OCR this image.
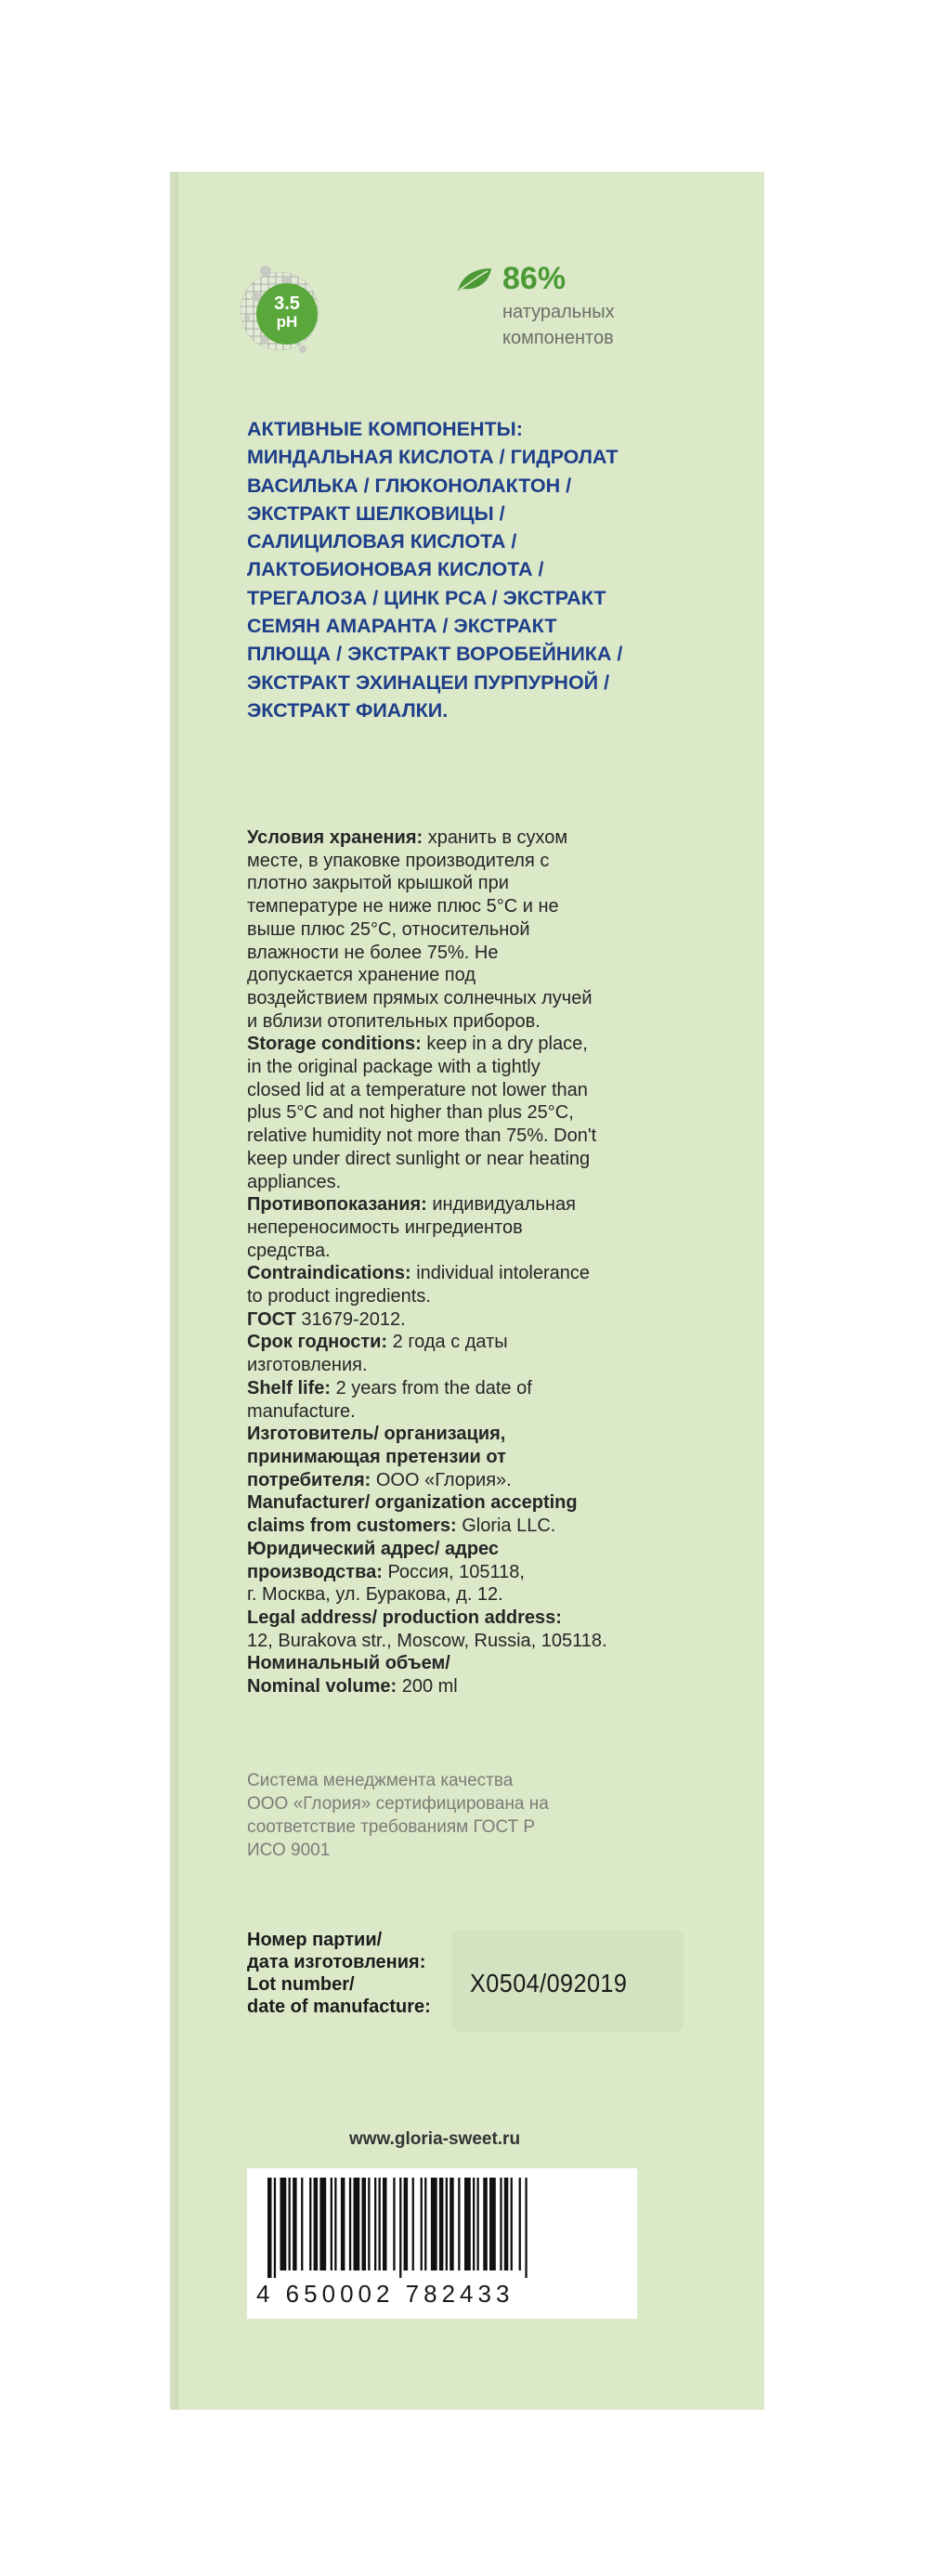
3.5
pH
86%
натуральных
компонентов
АКТИВНЫЕ КОМПОНЕНТЫ:
МИНДАЛЬНАЯ КИСЛОТА / ГИДРОЛАТ
ВАСИЛЬКА / ГЛЮКОНОЛАКТОН /
ЭКСТРАКТ ШЕЛКОВИЦЫ /
САЛИЦИЛОВАЯ КИСЛОТА /
ЛАКТОБИОНОВАЯ КИСЛОТА /
ТРЕГАЛОЗА / ЦИНК PCA / ЭКСТРАКТ
СЕМЯН АМАРАНТА / ЭКСТРАКТ
ПЛЮЩА / ЭКСТРАКТ ВОРОБЕЙНИКА /
ЭКСТРАКТ ЭХИНАЦЕИ ПУРПУРНОЙ /
ЭКСТРАКТ ФИАЛКИ.
Условия хранения: хранить в сухом
месте, в упаковке производителя с
плотно закрытой крышкой при
температуре не ниже плюс 5°С и не
выше плюс 25°С, относительной
влажности не более 75%. Не
допускается хранение под
воздействием прямых солнечных лучей
и вблизи отопительных приборов.
Storage conditions: keep in a dry place,
in the original package with a tightly
closed lid at a temperature not lower than
plus 5°C and not higher than plus 25°C,
relative humidity not more than 75%. Don't
keep under direct sunlight or near heating
appliances.
Противопоказания: индивидуальная
непереносимость ингредиентов
средства.
Contraindications: individual intolerance
to product ingredients.
ГОСТ 31679-2012.
Срок годности: 2 года с даты
изготовления.
Shelf life: 2 years from the date of
manufacture.
Изготовитель/ организация,
принимающая претензии от
потребителя: ООО «Глория».
Manufacturer/ organization accepting
claims from customers: Gloria LLC.
Юридический адрес/ адрес
производства: Россия, 105118,
г. Москва, ул. Буракова, д. 12.
Legal address/ production address:
12, Burakova str., Moscow, Russia, 105118.
Номинальный объем/
Nominal volume: 200 ml
Система менеджмента качества
ООО «Глория» сертифицирована на
соответствие требованиям ГОСТ Р
ИСО 9001
Номер партии/
дата изготовления:
Lot number/
date of manufacture:
X0504/092019
www.gloria-sweet.ru
4 650002 782433
